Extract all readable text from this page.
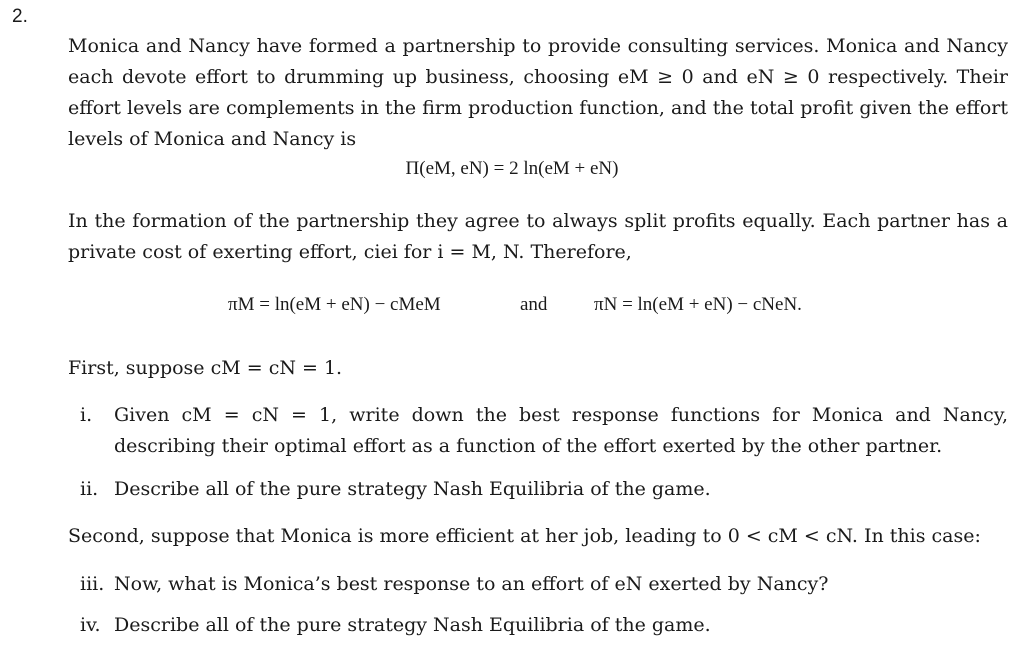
2.
Monica and Nancy have formed a partnership to provide consulting services. Monica and Nancy each devote effort to drumming up business, choosing eM ≥ 0 and eN ≥ 0 respectively. Their effort levels are complements in the firm production function, and the total profit given the effort levels of Monica and Nancy is
Π(eM, eN) = 2 ln(eM + eN)
In the formation of the partnership they agree to always split profits equally. Each partner has a private cost of exerting effort, ciei for i = M, N. Therefore,
πM = ln(eM + eN) − cMeM	and πN = ln(eM + eN) − cNeN.
First, suppose cM = cN = 1.
i. Given cM = cN = 1, write down the best response functions for Monica and Nancy, describing their optimal effort as a function of the effort exerted by the other partner.
ii. Describe all of the pure strategy Nash Equilibria of the game.
Second, suppose that Monica is more efficient at her job, leading to 0 < cM < cN. In this case:
iii. Now, what is Monica’s best response to an effort of eN exerted by Nancy?
iv. Describe all of the pure strategy Nash Equilibria of the game.
